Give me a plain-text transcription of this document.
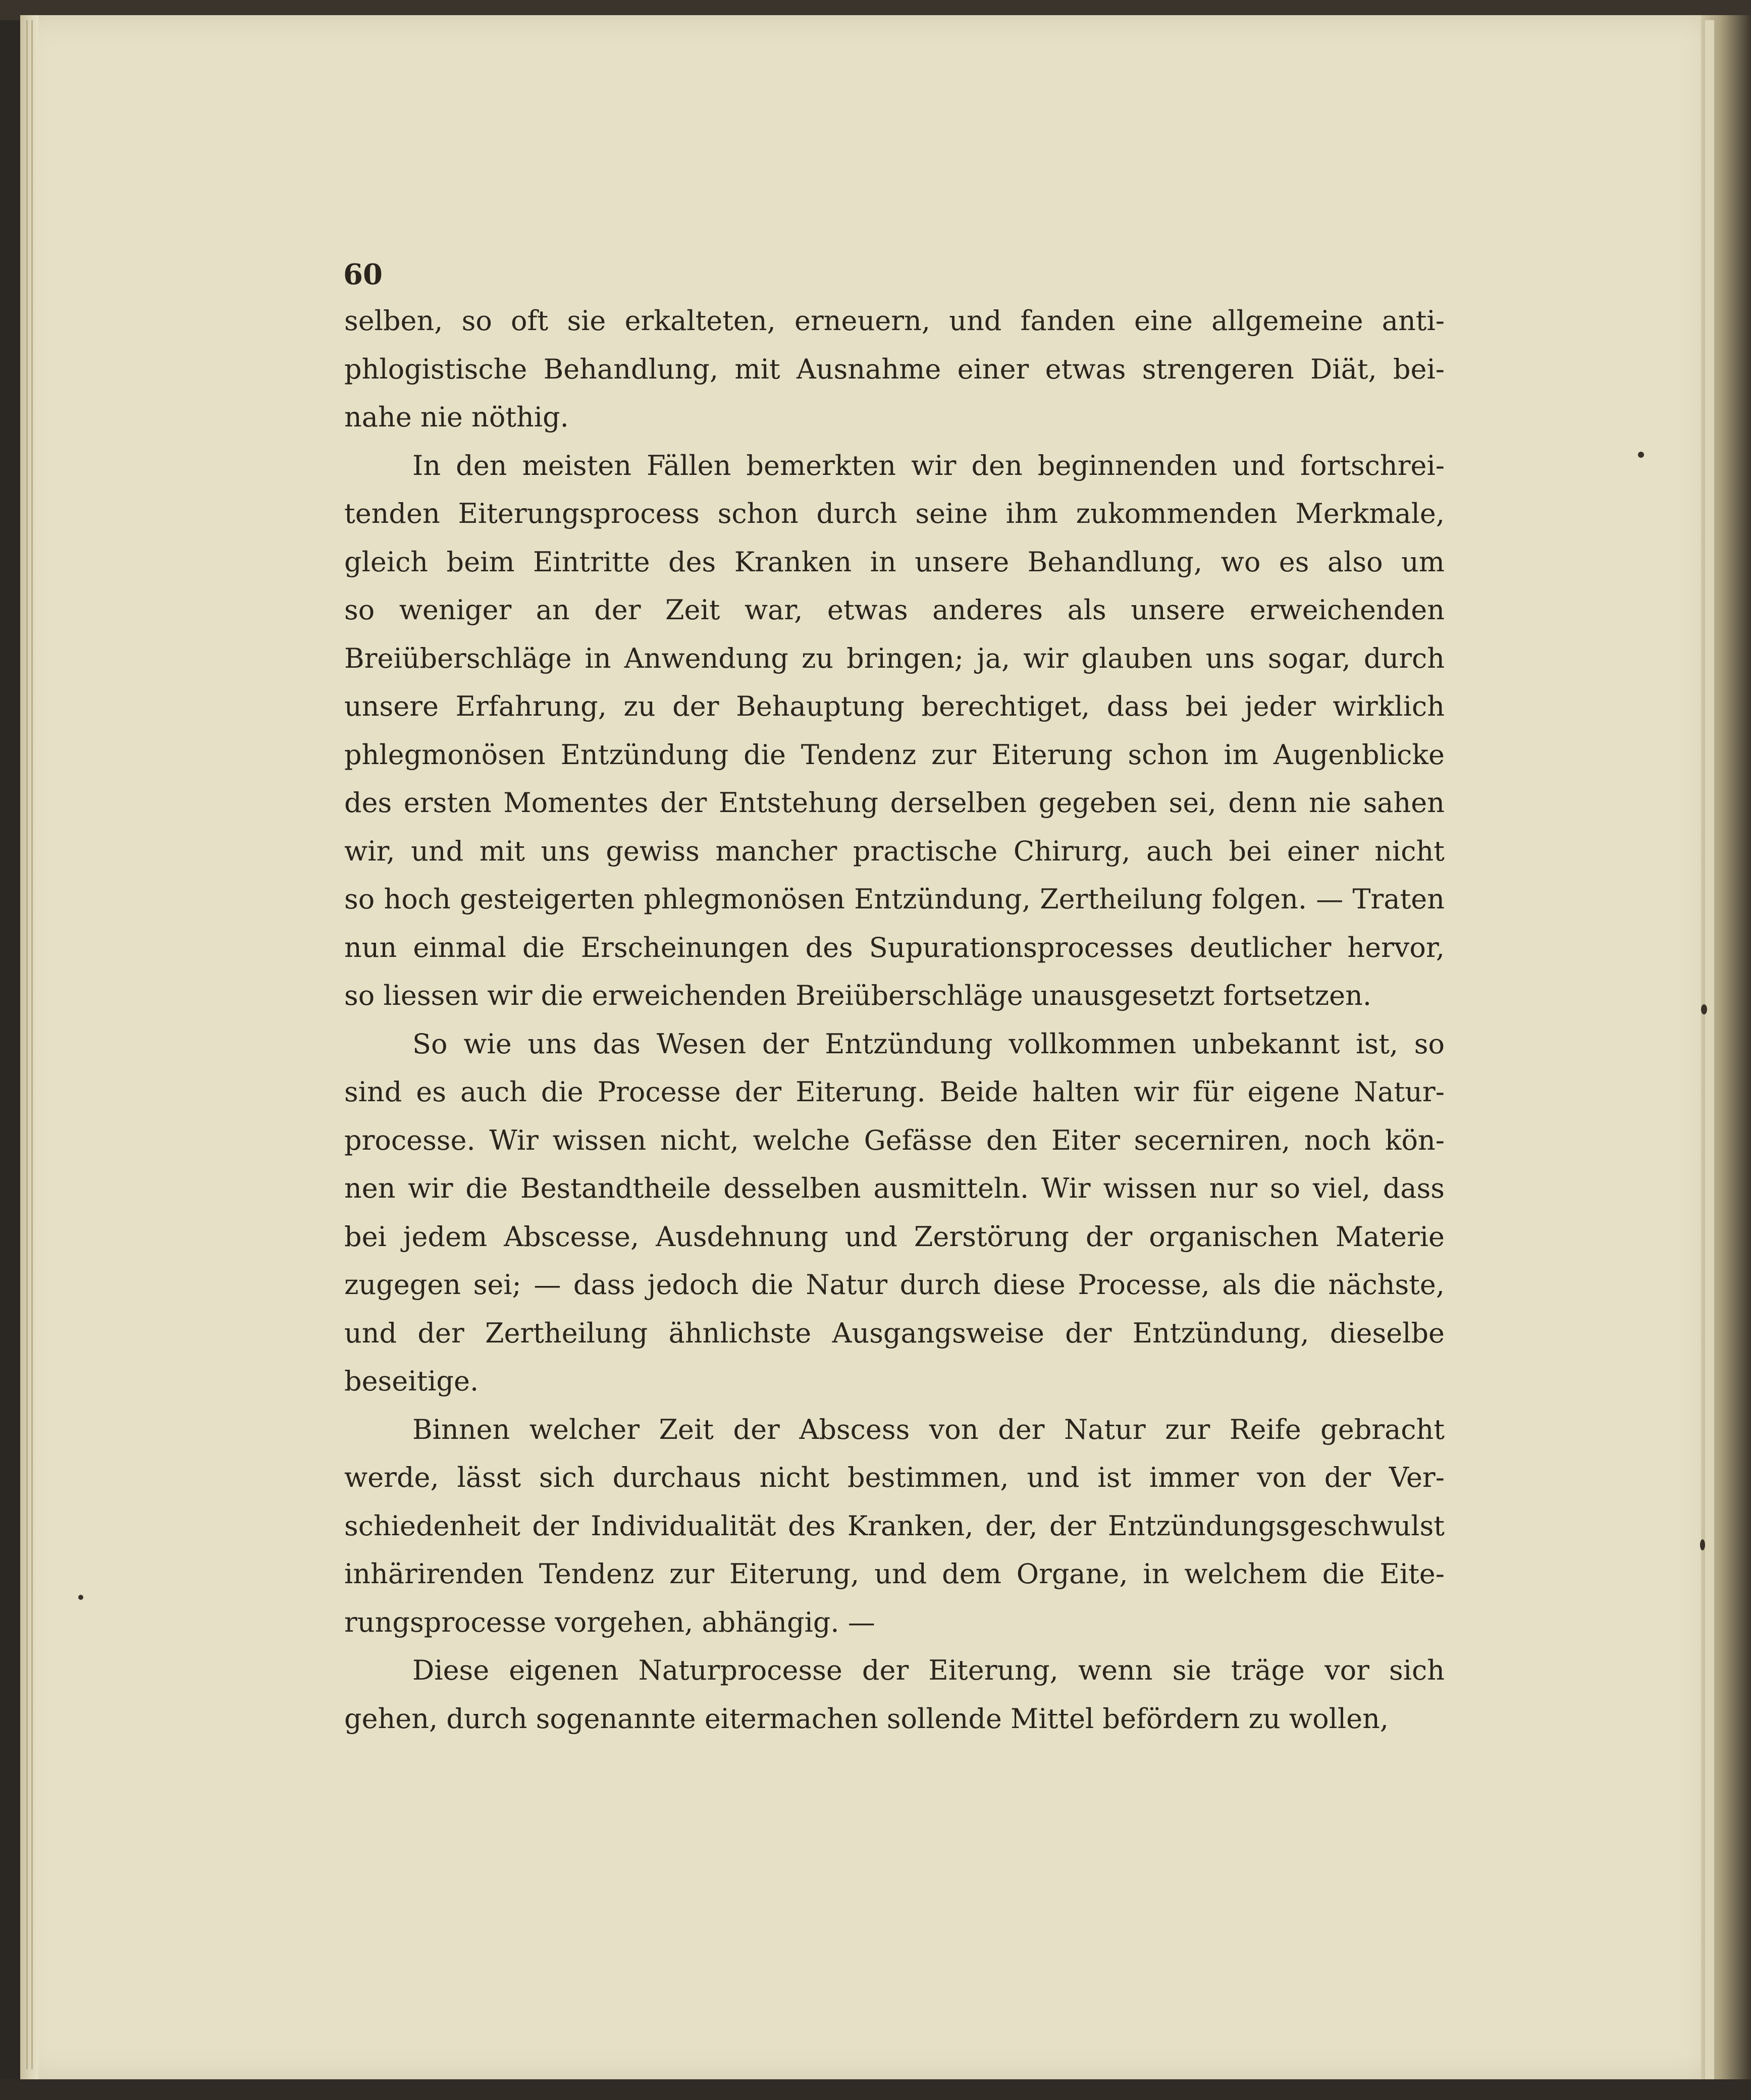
60
selben, so oft sie erkalteten, erneuern, und fanden eine allgemeine anti-
phlogistische Behandlung, mit Ausnahme einer etwas strengeren Diät, bei-
nahe nie nöthig.
In den meisten Fällen bemerkten wir den beginnenden und fortschrei-
tenden Eiterungsprocess schon durch seine ihm zukommenden Merkmale,
gleich beim Eintritte des Kranken in unsere Behandlung, wo es also um
so weniger an der Zeit war, etwas anderes als unsere erweichenden
Breiüberschläge in Anwendung zu bringen; ja, wir glauben uns sogar, durch
unsere Erfahrung, zu der Behauptung berechtiget, dass bei jeder wirklich
phlegmonösen Entzündung die Tendenz zur Eiterung schon im Augenblicke
des ersten Momentes der Entstehung derselben gegeben sei, denn nie sahen
wir, und mit uns gewiss mancher practische Chirurg, auch bei einer nicht
so hoch gesteigerten phlegmonösen Entzündung, Zertheilung folgen. — Traten
nun einmal die Erscheinungen des Supurationsprocesses deutlicher hervor,
so liessen wir die erweichenden Breiüberschläge unausgesetzt fortsetzen.
So wie uns das Wesen der Entzündung vollkommen unbekannt ist, so
sind es auch die Processe der Eiterung. Beide halten wir für eigene Natur-
processe. Wir wissen nicht, welche Gefässe den Eiter secerniren, noch kön-
nen wir die Bestandtheile desselben ausmitteln. Wir wissen nur so viel, dass
bei jedem Abscesse, Ausdehnung und Zerstörung der organischen Materie
zugegen sei; — dass jedoch die Natur durch diese Processe, als die nächste,
und der Zertheilung ähnlichste Ausgangsweise der Entzündung, dieselbe
beseitige.
Binnen welcher Zeit der Abscess von der Natur zur Reife gebracht
werde, lässt sich durchaus nicht bestimmen, und ist immer von der Ver-
schiedenheit der Individualität des Kranken, der, der Entzündungsgeschwulst
inhärirenden Tendenz zur Eiterung, und dem Organe, in welchem die Eite-
rungsprocesse vorgehen, abhängig. —
Diese eigenen Naturprocesse der Eiterung, wenn sie träge vor sich
gehen, durch sogenannte eitermachen sollende Mittel befördern zu wollen,
